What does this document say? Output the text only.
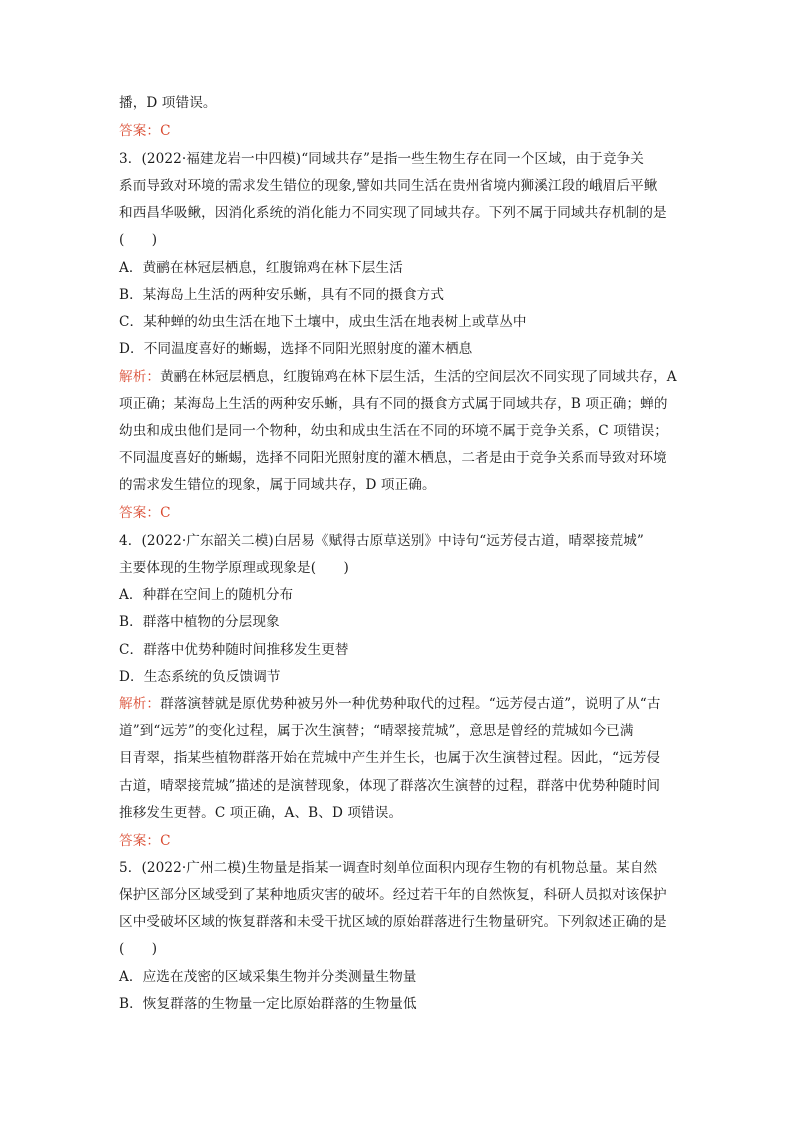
播，D 项错误。
答案：C
3．(2022·福建龙岩一中四模)“同域共存”是指一些生物生存在同一个区域，由于竞争关
系而导致对环境的需求发生错位的现象,譬如共同生活在贵州省境内狮溪江段的峨眉后平鳅
和西昌华吸鳅，因消化系统的消化能力不同实现了同域共存。下列不属于同域共存机制的是
(　　)
A．黄鹂在林冠层栖息，红腹锦鸡在林下层生活
B．某海岛上生活的两种安乐蜥，具有不同的摄食方式
C．某种蝉的幼虫生活在地下土壤中，成虫生活在地表树上或草丛中
D．不同温度喜好的蜥蜴，选择不同阳光照射度的灌木栖息
解析：黄鹂在林冠层栖息，红腹锦鸡在林下层生活，生活的空间层次不同实现了同域共存，A
项正确；某海岛上生活的两种安乐蜥，具有不同的摄食方式属于同域共存，B 项正确；蝉的
幼虫和成虫他们是同一个物种，幼虫和成虫生活在不同的环境不属于竞争关系，C 项错误；
不同温度喜好的蜥蜴，选择不同阳光照射度的灌木栖息，二者是由于竞争关系而导致对环境
的需求发生错位的现象，属于同域共存，D 项正确。
答案：C
4．(2022·广东韶关二模)白居易《赋得古原草送别》中诗句“远芳侵古道，晴翠接荒城”
主要体现的生物学原理或现象是(　　)
A．种群在空间上的随机分布
B．群落中植物的分层现象
C．群落中优势种随时间推移发生更替
D．生态系统的负反馈调节
解析：群落演替就是原优势种被另外一种优势种取代的过程。“远芳侵古道”，说明了从“古
道”到“远芳”的变化过程，属于次生演替；“晴翠接荒城”，意思是曾经的荒城如今已满
目青翠，指某些植物群落开始在荒城中产生并生长，也属于次生演替过程。因此，“远芳侵
古道，晴翠接荒城”描述的是演替现象，体现了群落次生演替的过程，群落中优势种随时间
推移发生更替。C 项正确，A、B、D 项错误。
答案：C
5．(2022·广州二模)生物量是指某一调查时刻单位面积内现存生物的有机物总量。某自然
保护区部分区域受到了某种地质灾害的破坏。经过若干年的自然恢复，科研人员拟对该保护
区中受破坏区域的恢复群落和未受干扰区域的原始群落进行生物量研究。下列叙述正确的是
(　　)
A．应选在茂密的区域采集生物并分类测量生物量
B．恢复群落的生物量一定比原始群落的生物量低
